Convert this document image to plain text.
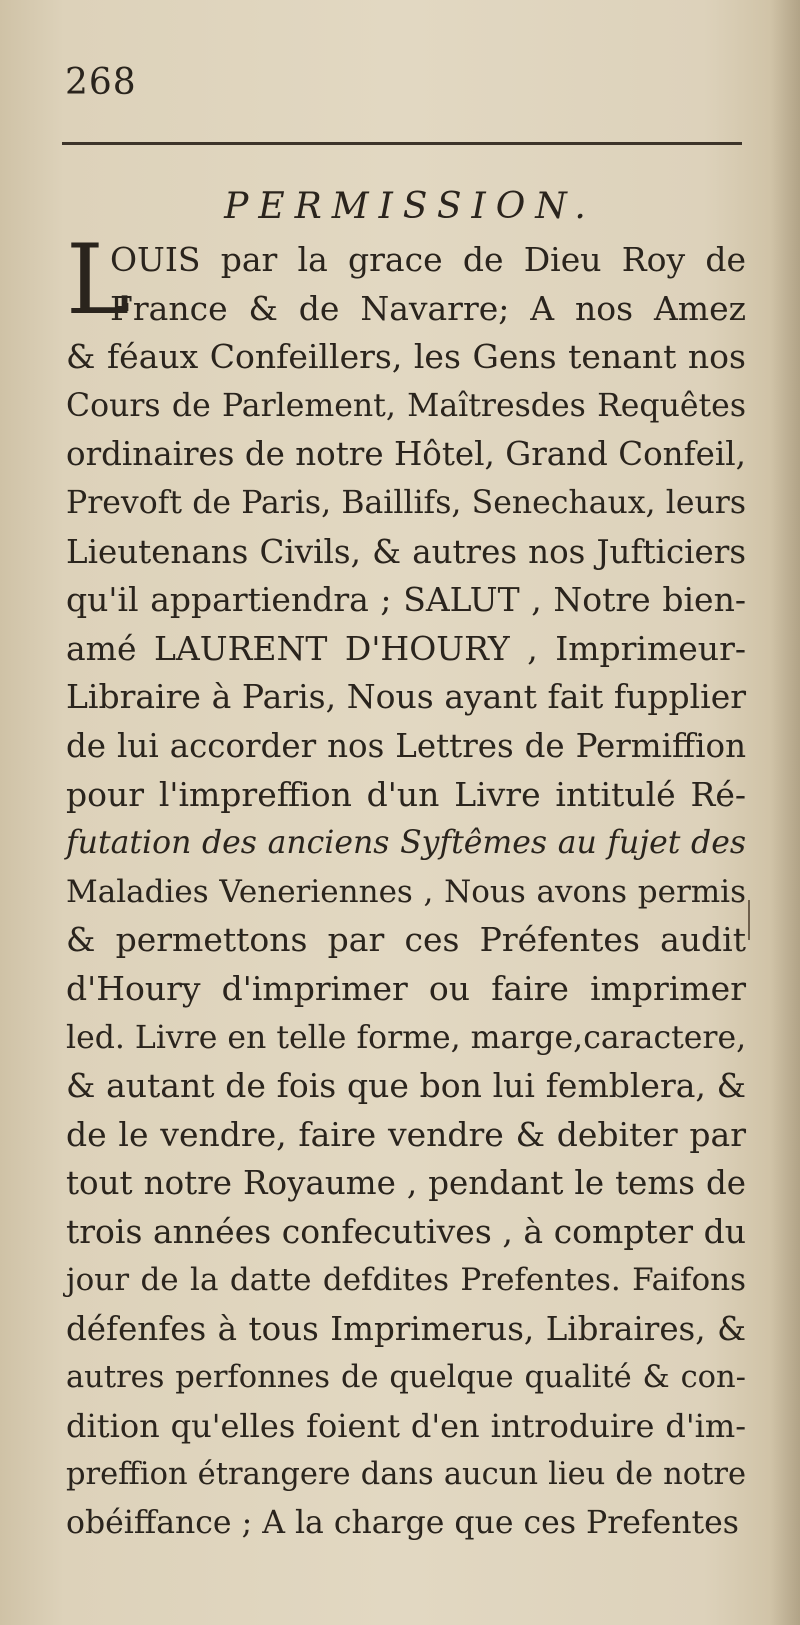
268
PERMISSION.
L
OUIS par la grace de Dieu Roy de
France & de Navarre; A nos Amez
& féaux Confeillers, les Gens tenant nos
Cours de Parlement, Maîtresdes Requêtes
ordinaires de notre Hôtel, Grand Confeil,
Prevoft de Paris, Baillifs, Senechaux, leurs
Lieutenans Civils, & autres nos Jufticiers
qu'il appartiendra ; SALUT , Notre bien-
amé LAURENT D'HOURY , Imprimeur-
Libraire à Paris, Nous ayant fait fupplier
de lui accorder nos Lettres de Permiffion
pour l'impreffion d'un Livre intitulé Ré-
futation des anciens Syftêmes au fujet des
Maladies Veneriennes , Nous avons permis
& permettons par ces Préfentes audit
d'Houry d'imprimer ou faire imprimer
led. Livre en telle forme, marge,caractere,
& autant de fois que bon lui femblera, &
de le vendre, faire vendre & debiter par
tout notre Royaume , pendant le tems de
trois années confecutives , à compter du
jour de la datte defdites Prefentes. Faifons
défenfes à tous Imprimerus, Libraires, &
autres perfonnes de quelque qualité & con-
dition qu'elles foient d'en introduire d'im-
preffion étrangere dans aucun lieu de notre
obéiffance ; A la charge que ces Prefentes
